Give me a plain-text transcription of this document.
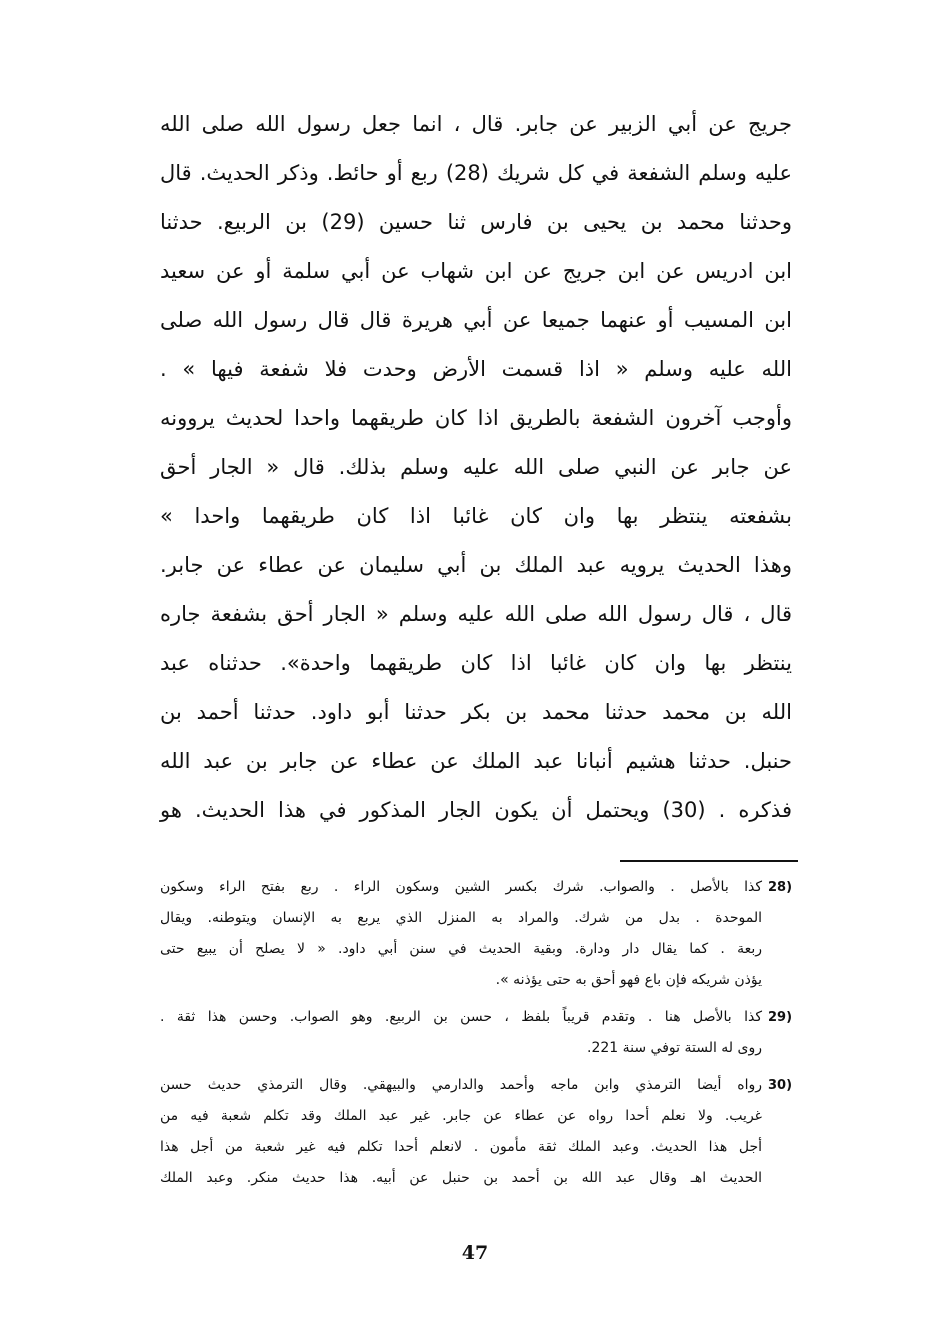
جريج عن أبي الزبير عن جابر. قال ، انما جعل رسول الله صلى الله
عليه وسلم الشفعة في كل شريك (28) ربع أو حائط. وذكر الحديث. قال
وحدثنا محمد بن يحيى بن فارس ثنا حسين (29) بن الربيع. حدثنا
ابن ادريس عن ابن جريج عن ابن شهاب عن أبي سلمة أو عن سعيد
ابن المسيب أو عنهما جميعا عن أبي هريرة قال قال رسول الله صلى
الله عليه وسلم « اذا قسمت الأرض وحدت فلا شفعة فيها » .
وأوجب آخرون الشفعة بالطريق اذا كان طريقهما واحدا لحديث يروونه
عن جابر عن النبي صلى الله عليه وسلم بذلك. قال « الجار أحق
بشفعته ينتظر بها وان كان غائبا اذا كان طريقهما واحدا »
وهذا الحديث يرويه عبد الملك بن أبي سليمان عن عطاء عن جابر.
قال ، قال رسول الله صلى الله عليه وسلم « الجار أحق بشفعة جاره
ينتظر بها وان كان غائبا اذا كان طريقهما واحدة». حدثناه عبد
الله بن محمد حدثنا محمد بن بكر حدثنا أبو داود. حدثنا أحمد بن
حنبل. حدثنا هشيم أنبانا عبد الملك عن عطاء عن جابر بن عبد الله
فذكره . (30) ويحتمل أن يكون الجار المذكور في هذا الحديث. هو
28)
كذا بالأصل . والصواب. شرك بكسر الشين وسكون الراء . ربع بفتح الراء وسكون
الموحدة . بدل من شرك. والمراد به المنزل الذي يربع به الإنسان ويتوطنه. ويقال
ربعة . كما يقال دار ودارة. وبقية الحديث في سنن أبي داود. « لا يصلح أن يبيع حتى
يؤذن شريكه فإن باع فهو أحق به حتى يؤذنه ».
29)
كذا بالأصل هنا . وتقدم قريباً بلفظ ، حسن بن الربيع. وهو الصواب. وحسن هذا ثقة .
روى له الستة توفي سنة 221.
30)
رواه أيضا الترمذي وابن ماجه وأحمد والدارمي والبيهقي. وقال الترمذي حديث حسن
غريب. ولا نعلم أحدا رواه عن عطاء عن جابر. غير عبد الملك وقد تكلم شعبة فيه من
أجل هذا الحديث. وعبد الملك ثقة مأمون . لانعلم أحدا تكلم فيه غير شعبة من أجل هذا
الحديث اهـ وقال عبد الله بن أحمد بن حنبل عن أبيه. هذا حديث منكر. وعبد الملك
47
